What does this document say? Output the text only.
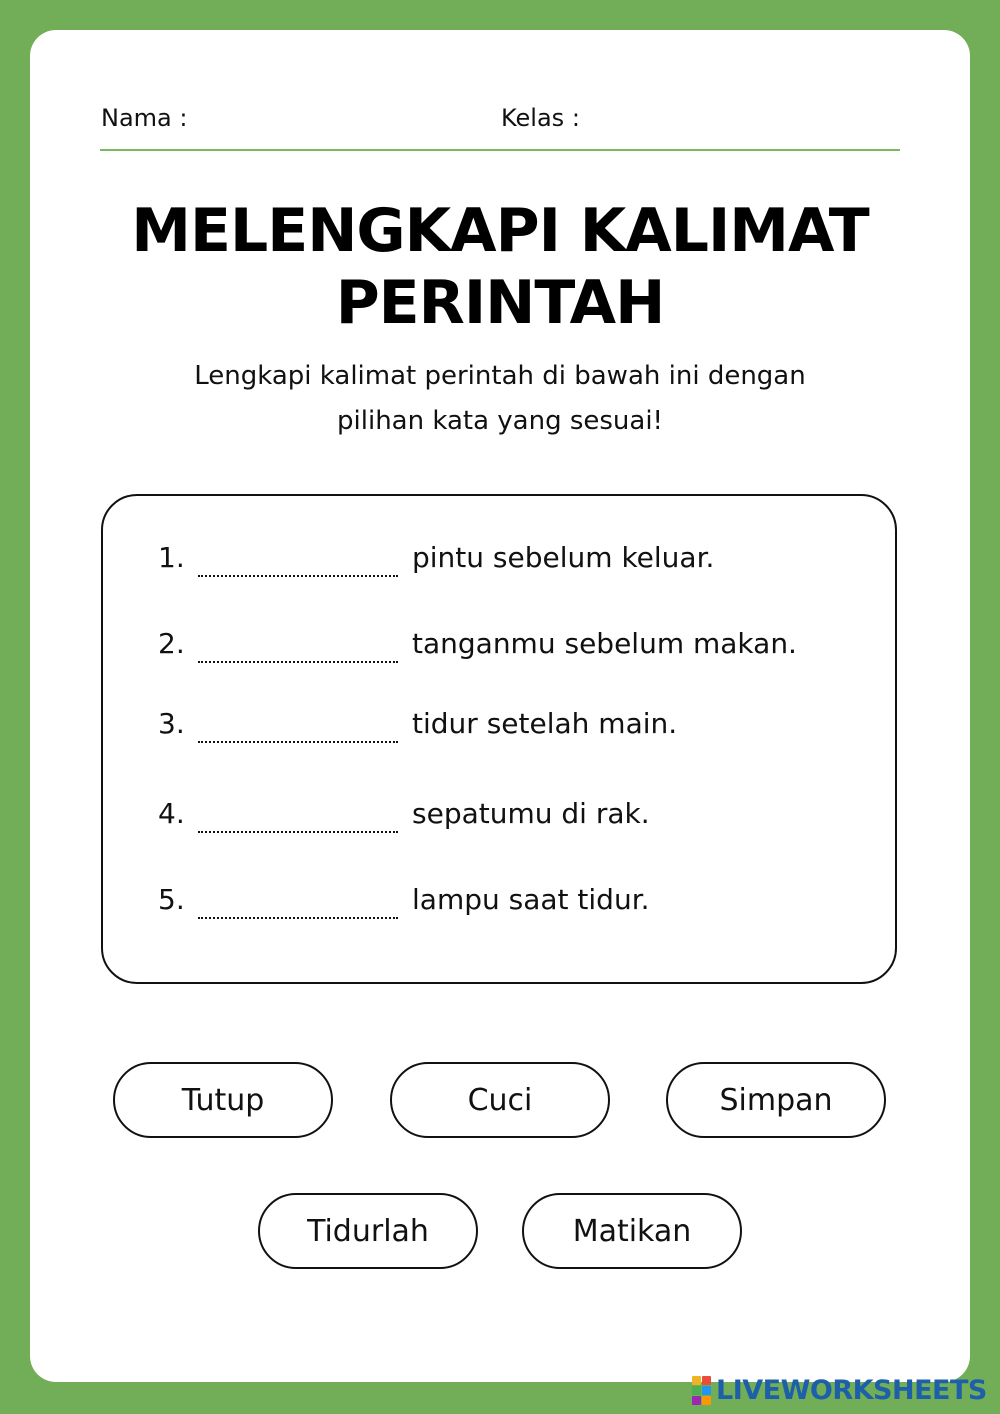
Nama :	Kelas :
MELENGKAPI KALIMAT
PERINTAH
Lengkapi kalimat perintah di bawah ini dengan
pilihan kata yang sesuai!
1.	pintu sebelum keluar.
2.	tanganmu sebelum makan.
3.	tidur setelah main.
4.	sepatumu di rak.
5.	lampu saat tidur.
Tutup	Cuci	Simpan
Tidurlah	Matikan
LIVEWORKSHEETS
